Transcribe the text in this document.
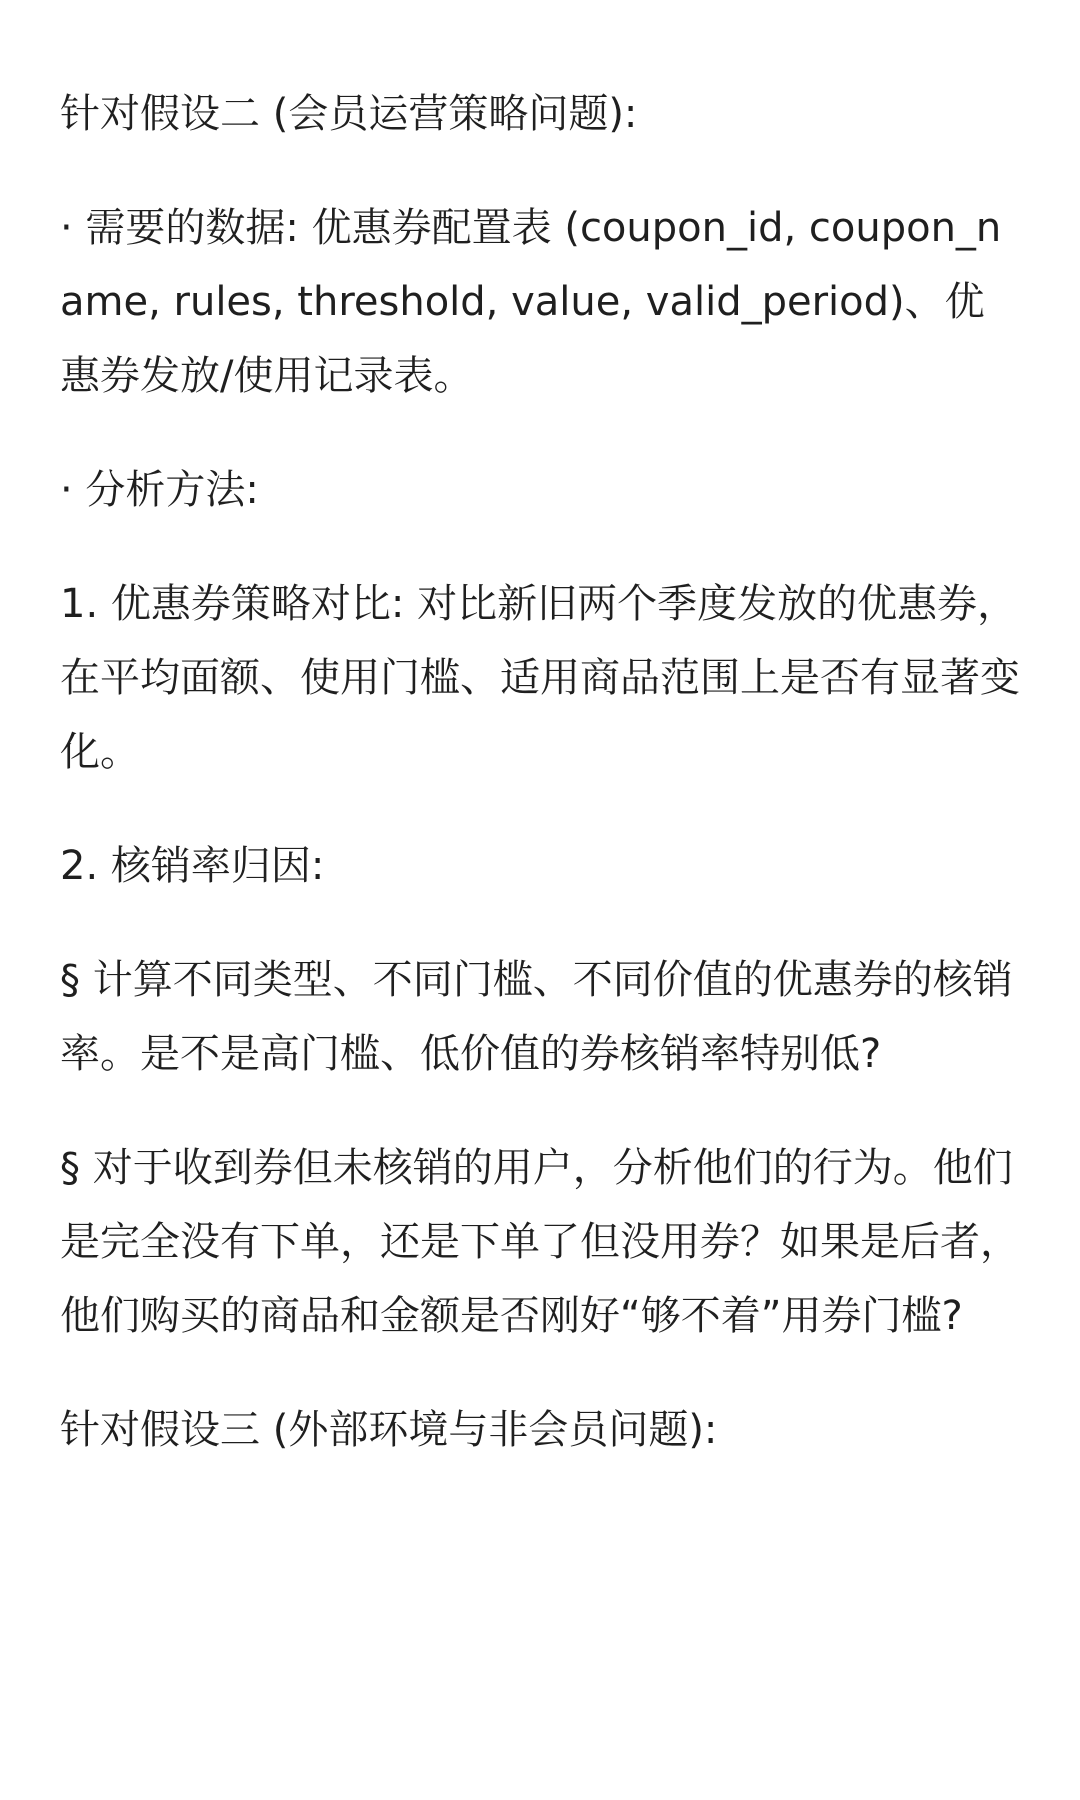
针对假设二 (会员运营策略问题):

· 需要的数据: 优惠券配置表 (coupon_id, coupon_name, rules, threshold, value, valid_period)、优惠券发放/使用记录表。

· 分析方法:

1. 优惠券策略对比: 对比新旧两个季度发放的优惠券，在平均面额、使用门槛、适用商品范围上是否有显著变化。

2. 核销率归因:

§ 计算不同类型、不同门槛、不同价值的优惠券的核销率。是不是高门槛、低价值的券核销率特别低?

§ 对于收到券但未核销的用户，分析他们的行为。他们是完全没有下单，还是下单了但没用券？如果是后者，他们购买的商品和金额是否刚好“够不着”用券门槛?

针对假设三 (外部环境与非会员问题):
